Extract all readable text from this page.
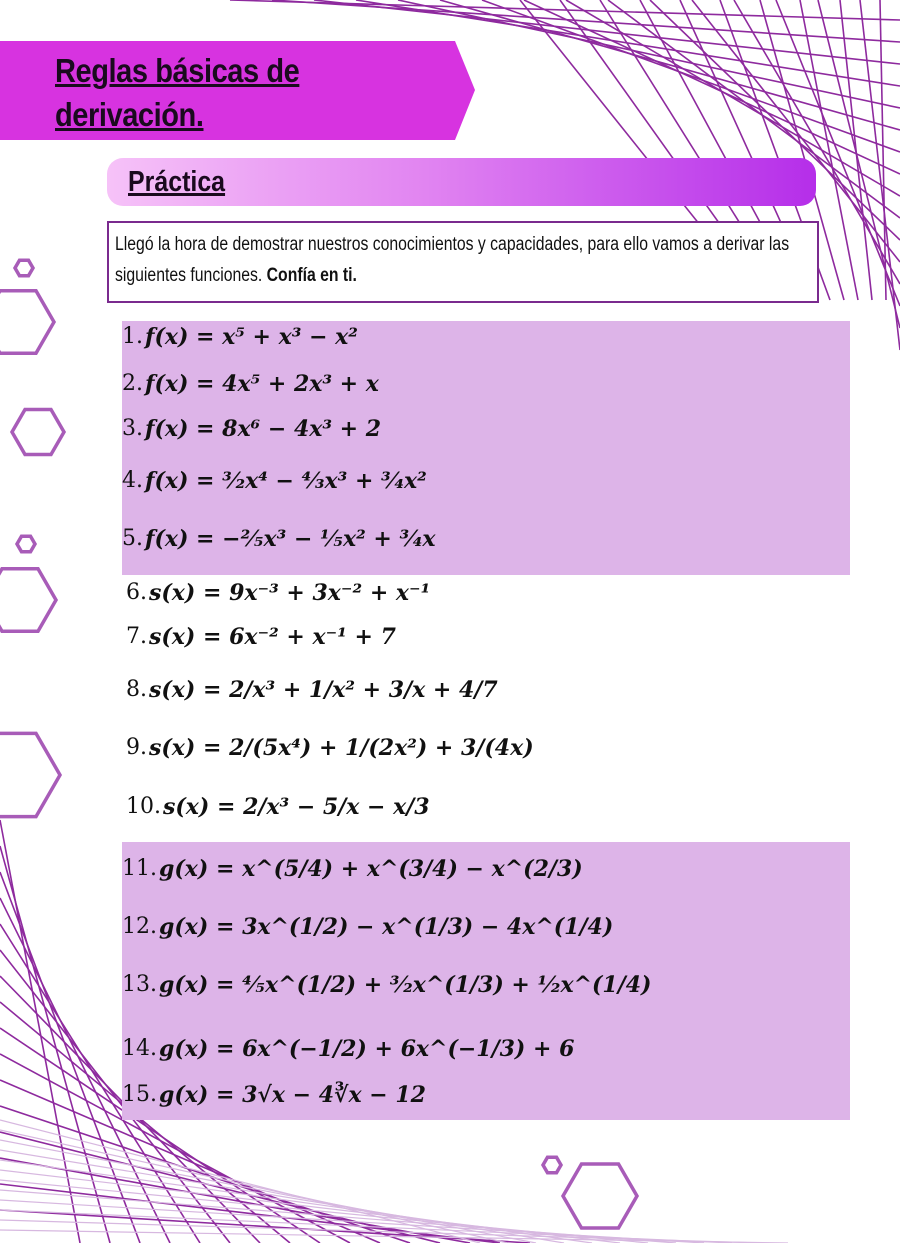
Reglas básicas de
derivación.
Práctica
Llegó la hora de demostrar nuestros conocimientos y capacidades, para ello vamos a derivar las siguientes funciones. Confía en ti.
1. f(x) = x⁵ + x³ − x²
2. f(x) = 4x⁵ + 2x³ + x
3. f(x) = 8x⁶ − 4x³ + 2
4. f(x) = ³⁄₂x⁴ − ⁴⁄₃x³ + ³⁄₄x²
5. f(x) = −²⁄₅x³ − ¹⁄₅x² + ³⁄₄x
6. s(x) = 9x⁻³ + 3x⁻² + x⁻¹
7. s(x) = 6x⁻² + x⁻¹ + 7
8. s(x) = 2/x³ + 1/x² + 3/x + 4/7
9. s(x) = 2/(5x⁴) + 1/(2x²) + 3/(4x)
10. s(x) = 2/x³ − 5/x − x/3
11. g(x) = x^(5/4) + x^(3/4) − x^(2/3)
12. g(x) = 3x^(1/2) − x^(1/3) − 4x^(1/4)
13. g(x) = ⁴⁄₅x^(1/2) + ³⁄₂x^(1/3) + ¹⁄₂x^(1/4)
14. g(x) = 6x^(−1/2) + 6x^(−1/3) + 6
15. g(x) = 3√x − 4∛x − 12
